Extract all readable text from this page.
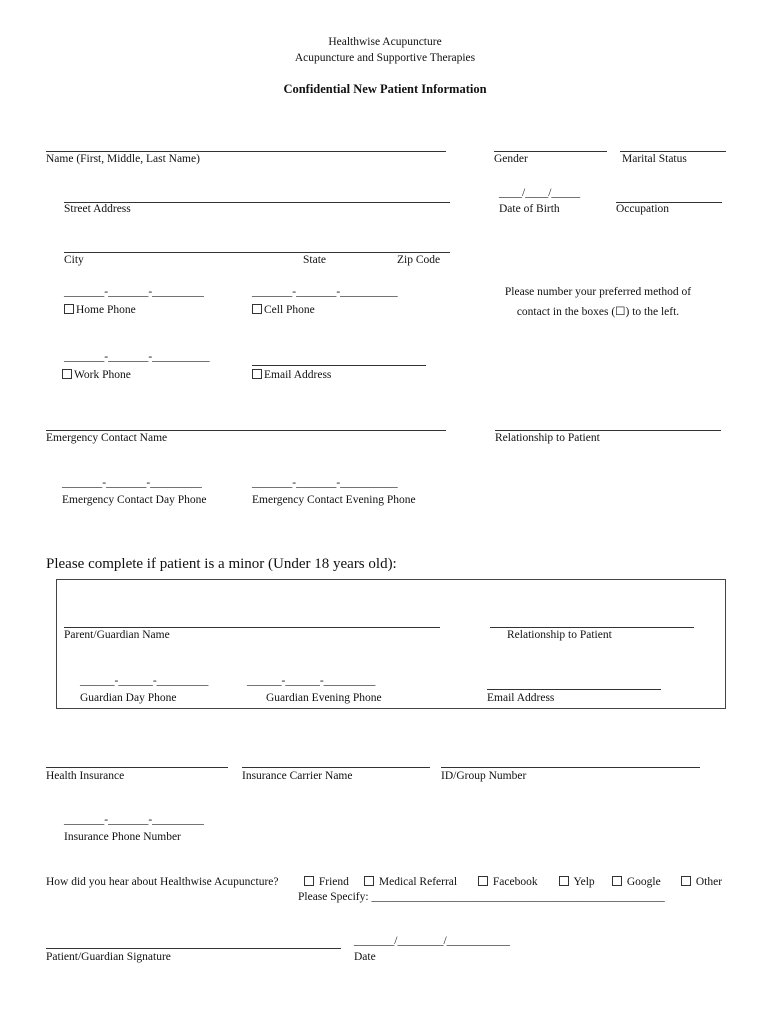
Healthwise Acupuncture
Acupuncture and Supportive Therapies
Confidential New Patient Information
Name (First, Middle, Last Name)	Gender	Marital Status
Street Address
____/____/_____
Date of Birth	Occupation
City	State	Zip Code
_______-_______-_________
Home Phone
_______-_______-__________
Cell Phone
Please number your preferred method of
contact in the boxes (☐) to the left.
_______-_______-__________
Work Phone	Email Address
Emergency Contact Name	Relationship to Patient
_______-_______-_________
Emergency Contact Day Phone
_______-_______-__________
Emergency Contact Evening Phone
Please complete if patient is a minor (Under 18 years old):
Parent/Guardian Name	Relationship to Patient
______-______-_________
Guardian Day Phone
______-______-_________
Guardian Evening Phone	Email Address
Health Insurance	Insurance Carrier Name	ID/Group Number
_______-_______-_________
Insurance Phone Number
How did you hear about Healthwise Acupuncture?	Friend	Medical Referral	Facebook	Yelp	Google	Other
Please Specify: ___________________________________________________
Patient/Guardian Signature
_______/________/___________
Date
